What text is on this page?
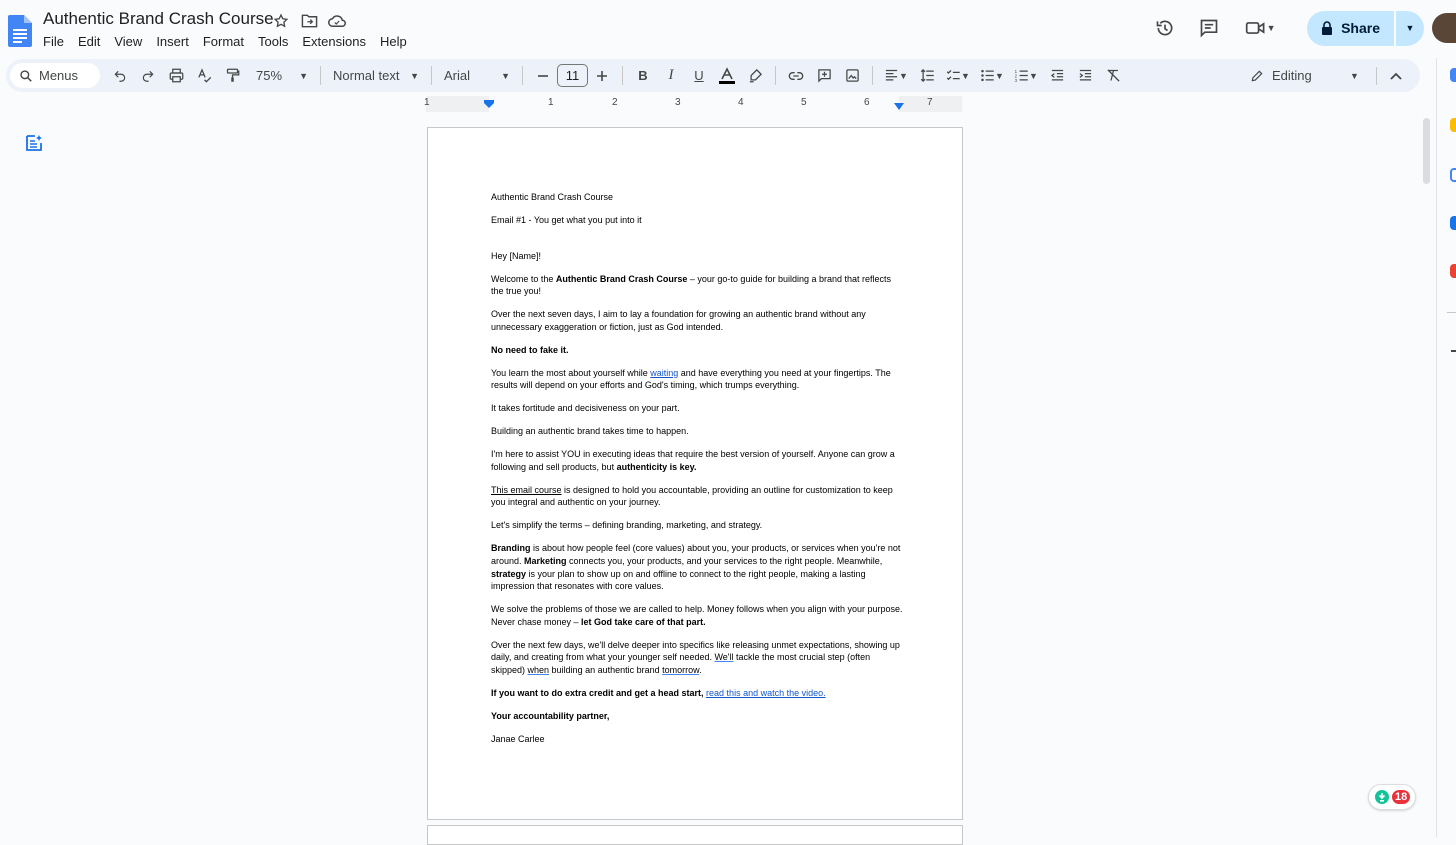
Authentic Brand Crash Course
File	Edit	View	Insert	Format	Tools	Extensions	Help
▼	Share	▼
Menus	75% ▼ Normal text ▼ Arial	▼	11	B	I	U	▼	▼	▼ 1
2
3 ▼	Editing	▼
1	1	2	3	4	5	6	7

Authentic Brand Crash Course

Email #1 - You get what you put into it

Hey [Name]!

Welcome to the Authentic Brand Crash Course – your go-to guide for building a brand that reflects the true you!

Over the next seven days, I aim to lay a foundation for growing an authentic brand without any unnecessary exaggeration or fiction, just as God intended.

No need to fake it.

You learn the most about yourself while waiting and have everything you need at your fingertips. The results will depend on your efforts and God's timing, which trumps everything.

It takes fortitude and decisiveness on your part.

Building an authentic brand takes time to happen.

I'm here to assist YOU in executing ideas that require the best version of yourself. Anyone can grow a following and sell products, but authenticity is key.

This email course is designed to hold you accountable, providing an outline for customization to keep you integral and authentic on your journey.

Let's simplify the terms – defining branding, marketing, and strategy.

Branding is about how people feel (core values) about you, your products, or services when you're not around. Marketing connects you, your products, and your services to the right people. Meanwhile, strategy is your plan to show up on and offline to connect to the right people, making a lasting impression that resonates with core values.

We solve the problems of those we are called to help. Money follows when you align with your purpose. Never chase money – let God take care of that part.

Over the next few days, we'll delve deeper into specifics like releasing unmet expectations, showing up daily, and creating from what your younger self needed. We'll tackle the most crucial step (often skipped) when building an authentic brand tomorrow.

If you want to do extra credit and get a head start, read this and watch the video.

Your accountability partner,

Janae Carlee

18
